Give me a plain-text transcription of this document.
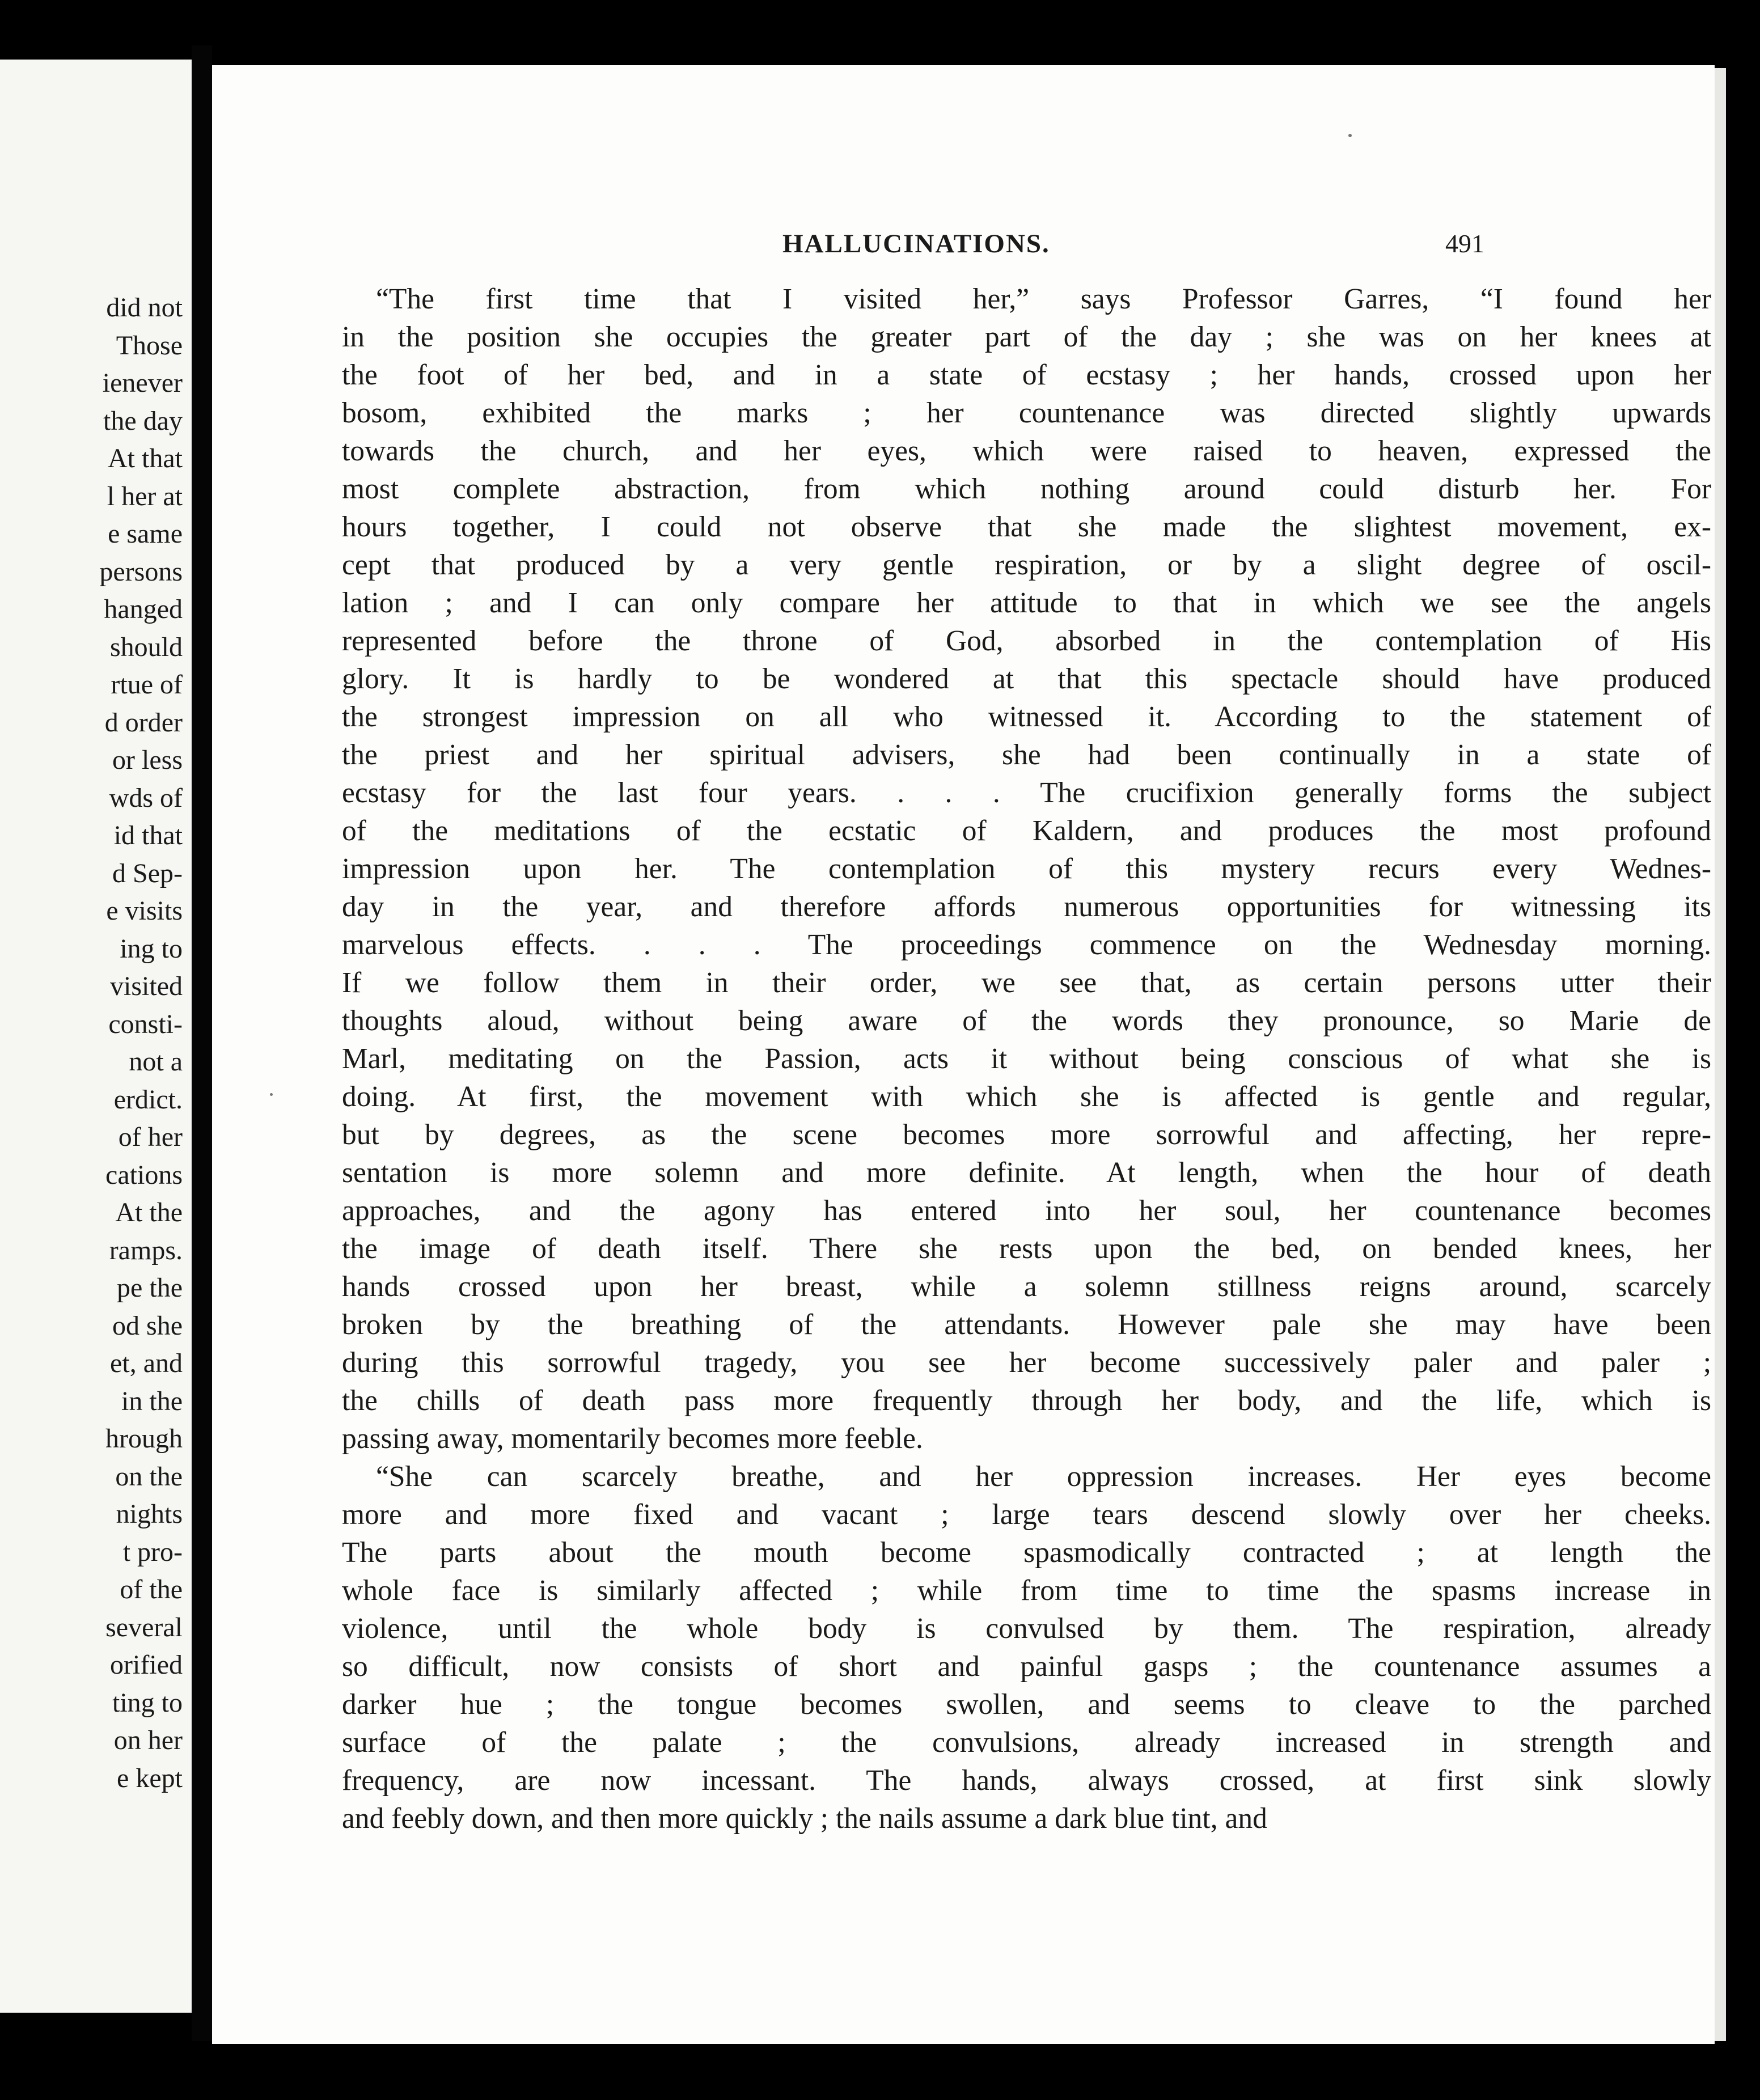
did not
Those
ienever
the day
At that
l her at
e same
persons
hanged
should
rtue of
d order
or less
wds of
id that
d Sep-
e visits
ing to
visited
consti-
not a
erdict.
of her
cations
At the
ramps.
pe the
od she
et, and
in the
hrough
on the
nights
t pro-
of the
several
orified
ting to
on her
e kept
HALLUCINATIONS.	491
“The first time that I visited her,” says Professor Garres, “I found her
in the position she occupies the greater part of the day ; she was on her knees at
the foot of her bed, and in a state of ecstasy ; her hands, crossed upon her
bosom, exhibited the marks ; her countenance was directed slightly upwards
towards the church, and her eyes, which were raised to heaven, expressed the
most complete abstraction, from which nothing around could disturb her. For
hours together, I could not observe that she made the slightest movement, ex-
cept that produced by a very gentle respiration, or by a slight degree of oscil-
lation ; and I can only compare her attitude to that in which we see the angels
represented before the throne of God, absorbed in the contemplation of His
glory. It is hardly to be wondered at that this spectacle should have produced
the strongest impression on all who witnessed it. According to the statement of
the priest and her spiritual advisers, she had been continually in a state of
ecstasy for the last four years. . . . The crucifixion generally forms the subject
of the meditations of the ecstatic of Kaldern, and produces the most profound
impression upon her. The contemplation of this mystery recurs every Wednes-
day in the year, and therefore affords numerous opportunities for witnessing its
marvelous effects. . . . The proceedings commence on the Wednesday morning.
If we follow them in their order, we see that, as certain persons utter their
thoughts aloud, without being aware of the words they pronounce, so Marie de
Marl, meditating on the Passion, acts it without being conscious of what she is
doing. At first, the movement with which she is affected is gentle and regular,
but by degrees, as the scene becomes more sorrowful and affecting, her repre-
sentation is more solemn and more definite. At length, when the hour of death
approaches, and the agony has entered into her soul, her countenance becomes
the image of death itself. There she rests upon the bed, on bended knees, her
hands crossed upon her breast, while a solemn stillness reigns around, scarcely
broken by the breathing of the attendants. However pale she may have been
during this sorrowful tragedy, you see her become successively paler and paler ;
the chills of death pass more frequently through her body, and the life, which is
passing away, momentarily becomes more feeble.
“She can scarcely breathe, and her oppression increases. Her eyes become
more and more fixed and vacant ; large tears descend slowly over her cheeks.
The parts about the mouth become spasmodically contracted ; at length the
whole face is similarly affected ; while from time to time the spasms increase in
violence, until the whole body is convulsed by them. The respiration, already
so difficult, now consists of short and painful gasps ; the countenance assumes a
darker hue ; the tongue becomes swollen, and seems to cleave to the parched
surface of the palate ; the convulsions, already increased in strength and
frequency, are now incessant. The hands, always crossed, at first sink slowly
and feebly down, and then more quickly ; the nails assume a dark blue tint, and
